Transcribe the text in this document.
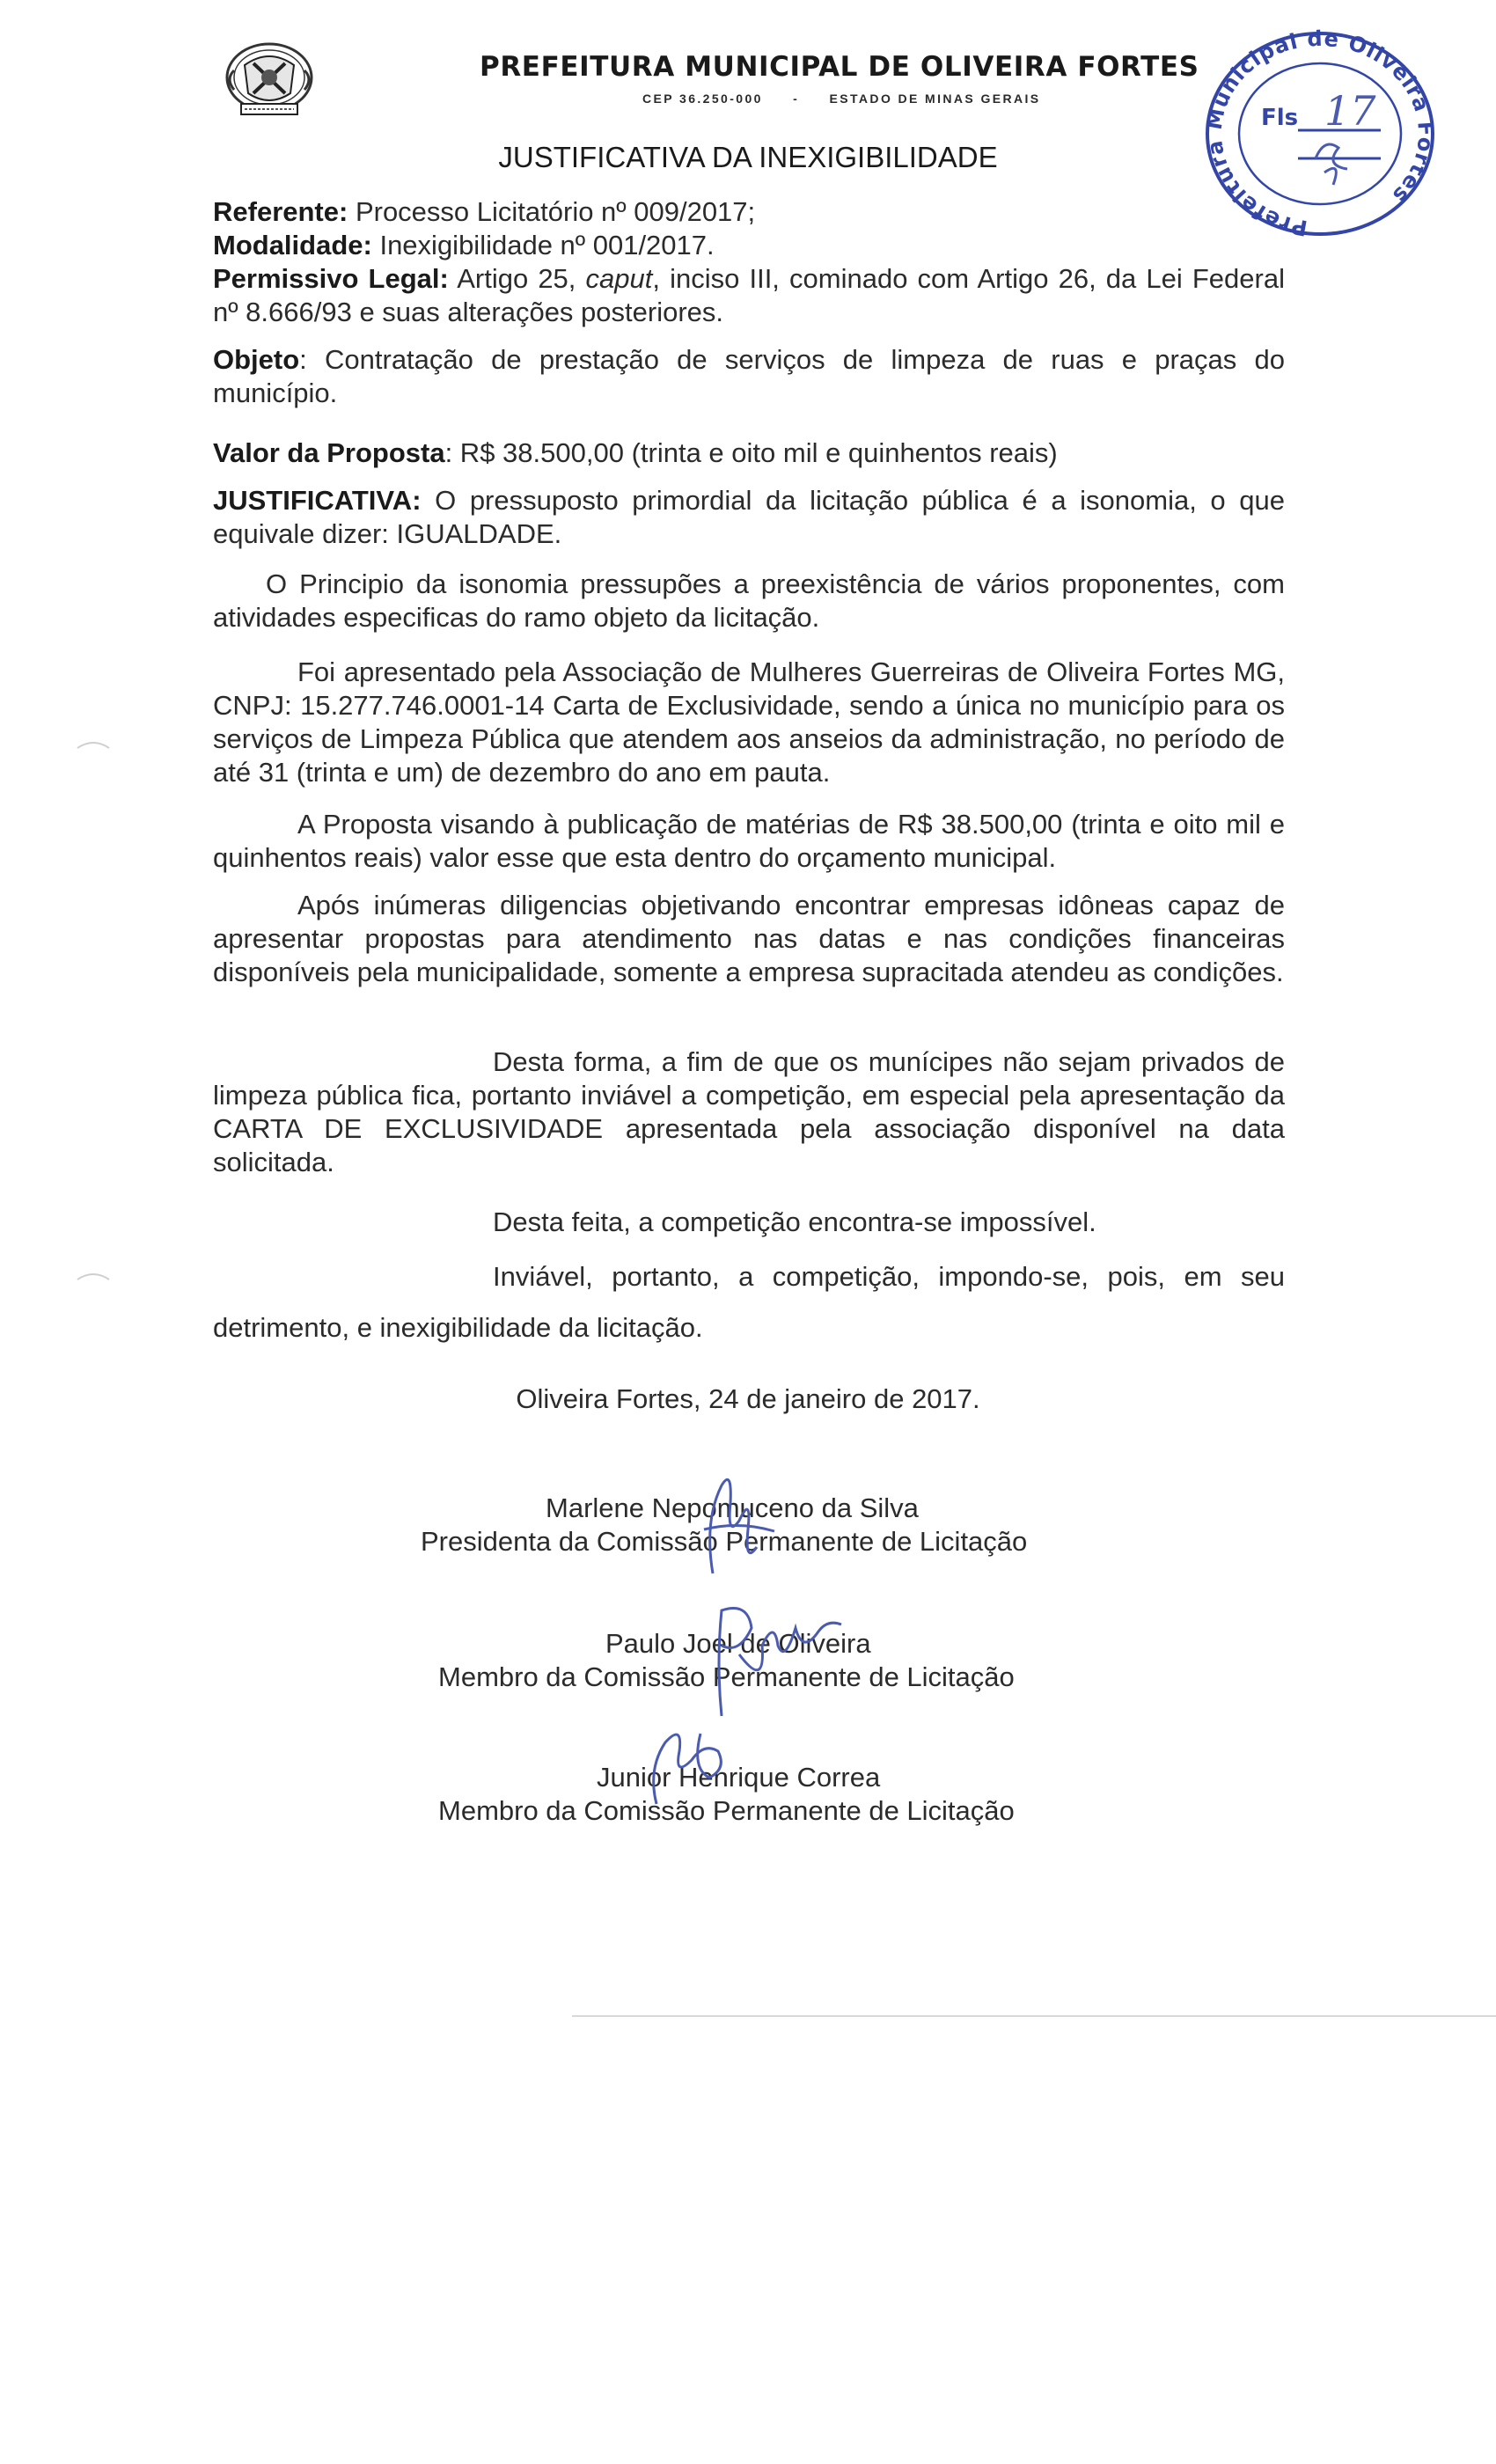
PREFEITURA MUNICIPAL DE OLIVEIRA FORTES
CEP 36.250-000 - ESTADO DE MINAS GERAIS
Prefeitura Municipal de Oliveira Fortes
Fls 17
JUSTIFICATIVA DA INEXIGIBILIDADE
Referente: Processo Licitatório nº 009/2017;
Modalidade: Inexigibilidade nº 001/2017.
Permissivo Legal: Artigo 25, caput, inciso III, cominado com Artigo 26, da Lei Federal nº 8.666/93 e suas alterações posteriores.
Objeto: Contratação de prestação de serviços de limpeza de ruas e praças do município.
Valor da Proposta: R$ 38.500,00 (trinta e oito mil e quinhentos reais)
JUSTIFICATIVA: O pressuposto primordial da licitação pública é a isonomia, o que equivale dizer: IGUALDADE.
O Principio da isonomia pressupões a preexistência de vários proponentes, com atividades especificas do ramo objeto da licitação.
Foi apresentado pela Associação de Mulheres Guerreiras de Oliveira Fortes MG, CNPJ: 15.277.746.0001-14 Carta de Exclusividade, sendo a única no município para os serviços de Limpeza Pública que atendem aos anseios da administração, no período de até 31 (trinta e um) de dezembro do ano em pauta.
A Proposta visando à publicação de matérias de R$ 38.500,00 (trinta e oito mil e quinhentos reais) valor esse que esta dentro do orçamento municipal.
Após inúmeras diligencias objetivando encontrar empresas idôneas capaz de apresentar propostas para atendimento nas datas e nas condições financeiras disponíveis pela municipalidade, somente a empresa supracitada atendeu as condições.
Desta forma, a fim de que os munícipes não sejam privados de limpeza pública fica, portanto inviável a competição, em especial pela apresentação da CARTA DE EXCLUSIVIDADE apresentada pela associação disponível na data solicitada.
Desta feita, a competição encontra-se impossível.
Inviável, portanto, a competição, impondo-se, pois, em seu
detrimento, e inexigibilidade da licitação.
Oliveira Fortes, 24 de janeiro de 2017.
Marlene Nepomuceno da Silva
Presidenta da Comissão Permanente de Licitação
Paulo Joel de Oliveira
Membro da Comissão Permanente de Licitação
Junior Henrique Correa
Membro da Comissão Permanente de Licitação
